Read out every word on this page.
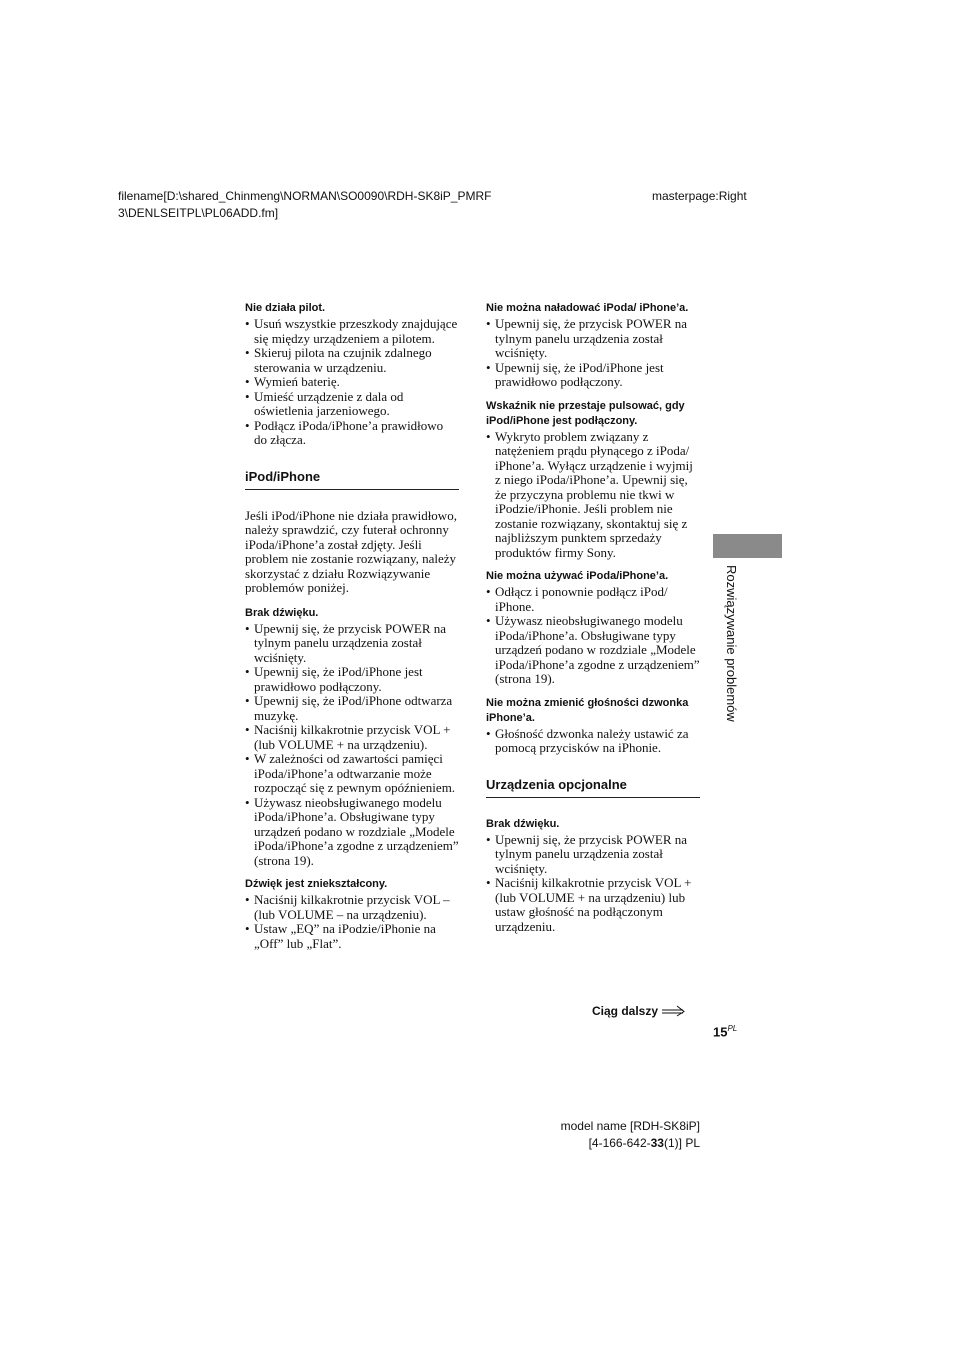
filename[D:\shared_Chinmeng\NORMAN\SO0090\RDH-SK8iP_PMRF
3\DENLSEITPL\PL06ADD.fm]
masterpage:Right
Nie działa pilot.
• Usuń wszystkie przeszkody znajdujące się między urządzeniem a pilotem.
• Skieruj pilota na czujnik zdalnego sterowania w urządzeniu.
• Wymień baterię.
• Umieść urządzenie z dala od oświetlenia jarzeniowego.
• Podłącz iPoda/iPhone’a prawidłowo do złącza.
iPod/iPhone

Jeśli iPod/iPhone nie działa prawidłowo, należy sprawdzić, czy futerał ochronny iPoda/iPhone’a został zdjęty. Jeśli problem nie zostanie rozwiązany, należy skorzystać z działu Rozwiązywanie problemów poniżej.

Brak dźwięku.
• Upewnij się, że przycisk POWER na tylnym panelu urządzenia został wciśnięty.
• Upewnij się, że iPod/iPhone jest prawidłowo podłączony.
• Upewnij się, że iPod/iPhone odtwarza muzykę.
• Naciśnij kilkakrotnie przycisk VOL + (lub VOLUME + na urządzeniu).
• W zależności od zawartości pamięci iPoda/iPhone’a odtwarzanie może rozpocząć się z pewnym opóźnieniem.
• Używasz nieobsługiwanego modelu iPoda/iPhone’a. Obsługiwane typy urządzeń podano w rozdziale „Modele iPoda/iPhone’a zgodne z urządzeniem” (strona 19).
Dźwięk jest zniekształcony.
• Naciśnij kilkakrotnie przycisk VOL – (lub VOLUME – na urządzeniu).
• Ustaw „EQ” na iPodzie/iPhonie na „Off” lub „Flat”.
Nie można naładować iPoda/ iPhone’a.
• Upewnij się, że przycisk POWER na tylnym panelu urządzenia został wciśnięty.
• Upewnij się, że iPod/iPhone jest prawidłowo podłączony.
Wskaźnik nie przestaje pulsować, gdy iPod/iPhone jest podłączony.
• Wykryto problem związany z natężeniem prądu płynącego z iPoda/ iPhone’a. Wyłącz urządzenie i wyjmij z niego iPoda/iPhone’a. Upewnij się, że przyczyna problemu nie tkwi w iPodzie/iPhonie. Jeśli problem nie zostanie rozwiązany, skontaktuj się z najbliższym punktem sprzedaży produktów firmy Sony.
Nie można używać iPoda/iPhone’a.
• Odłącz i ponownie podłącz iPod/ iPhone.
• Używasz nieobsługiwanego modelu iPoda/iPhone’a. Obsługiwane typy urządzeń podano w rozdziale „Modele iPoda/iPhone’a zgodne z urządzeniem” (strona 19).
Nie można zmienić głośności dzwonka iPhone’a.
• Głośność dzwonka należy ustawić za pomocą przycisków na iPhonie.
Urządzenia opcjonalne
Brak dźwięku.
• Upewnij się, że przycisk POWER na tylnym panelu urządzenia został wciśnięty.
• Naciśnij kilkakrotnie przycisk VOL + (lub VOLUME + na urządzeniu) lub ustaw głośność na podłączonym urządzeniu.
Rozwiązywanie problemów
Ciąg dalszy
$15^{PL}$
model name [RDH-SK8iP]
[4-166-642-33(1)] PL
